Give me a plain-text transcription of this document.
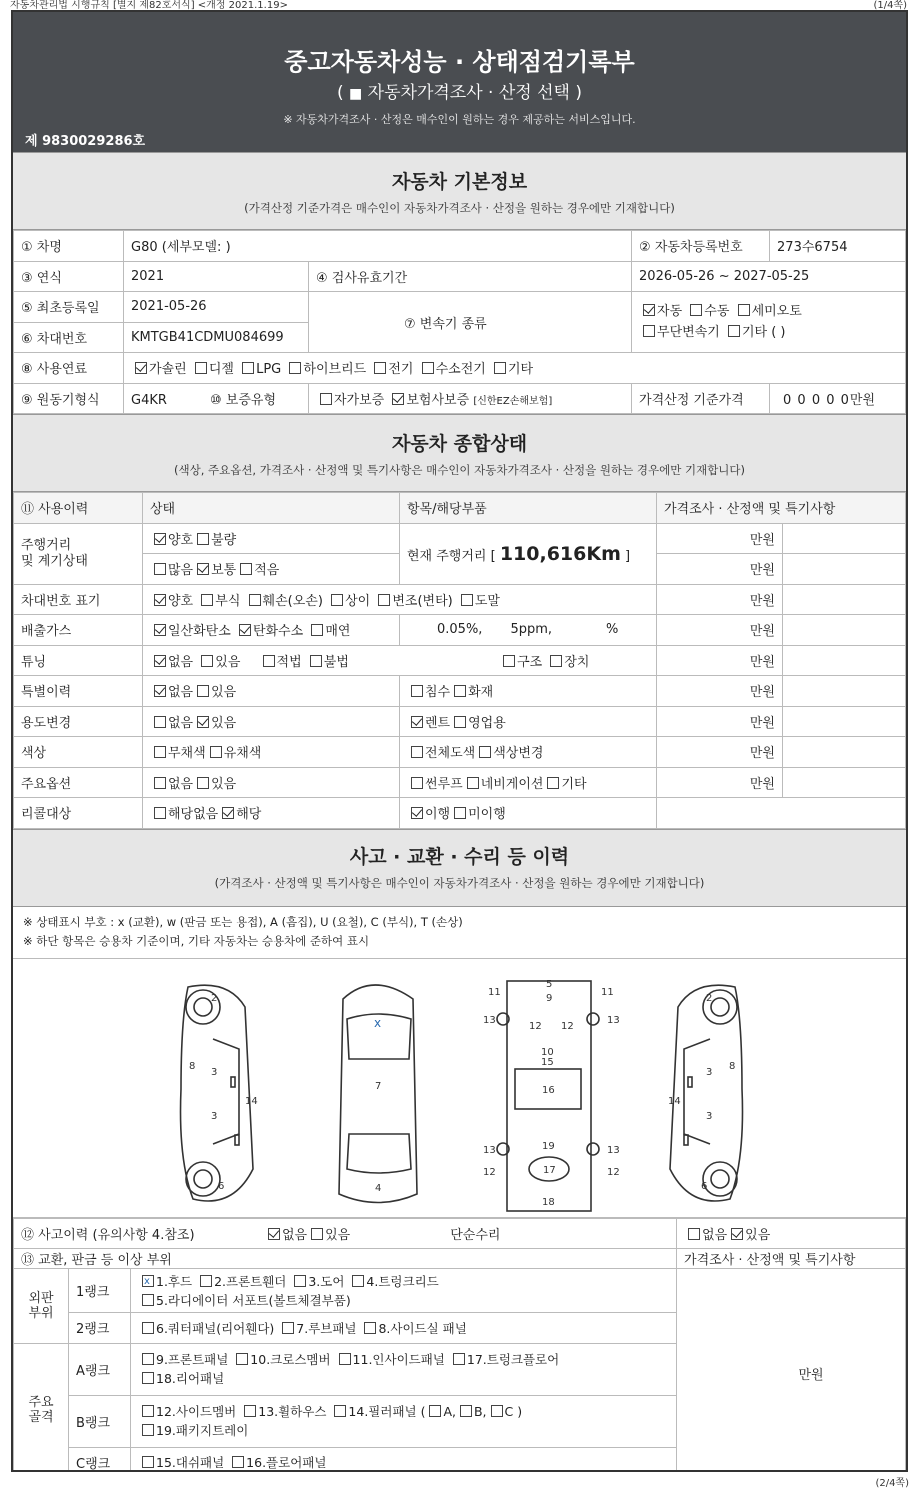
자동차관리법 시행규칙 [별지 제82호서식] <개정 2021.1.19>	(1/4쪽)
중고자동차성능 · 상태점검기록부
( ■ 자동차가격조사 · 산정 선택 )
※ 자동차가격조사 · 산정은 매수인이 원하는 경우 제공하는 서비스입니다.
제 9830029286호
자동차 기본정보
(가격산정 기준가격은 매수인이 자동차가격조사 · 산정을 원하는 경우에만 기재합니다)
① 차명	G80 (세부모델: )		② 자동차등록번호	273수6754
③ 연식	2021	④ 검사유효기간	2026-05-26 ~ 2027-05-25	
⑤ 최초등록일	2021-05-26	⑦ 변속기 종류	자동 수동 세미오토
무단변속기 기타 ( )	
⑥ 차대번호	KMTGB41CDMU084699			
⑧ 사용연료	가솔린 디젤 LPG 하이브리드 전기 수소전기 기타			
⑨ 원동기형식	G4KR ⑩ 보증유형	자가보증 보험사보증 [신한EZ손해보험]	가격산정 기준가격	0 0 0 0 0만원
자동차 종합상태
(색상, 주요옵션, 가격조사 · 산정액 및 특기사항은 매수인이 자동차가격조사 · 산정을 원하는 경우에만 기재합니다)
⑪ 사용이력	상태	항목/해당부품	가격조사 · 산정액 및 특기사항	
주행거리
및 계기상태	양호 불량	현재 주행거리 [ 110,616Km ]	만원	
	많음 보통 적음		만원	
차대번호 표기	양호 부식 훼손(오손) 상이 변조(변타) 도말		만원	
배출가스	일산화탄소 탄화수소 매연	0.05%, 5ppm, %	만원	
튜닝	없음 있음 적법 불법 구조 장치		만원	
특별이력	없음 있음	침수 화재	만원	
용도변경	없음 있음	렌트 영업용	만원	
색상	무채색 유채색	전체도색 색상변경	만원	
주요옵션	없음 있음	썬루프 네비게이션 기타	만원	
리콜대상	해당없음 해당	이행 미이행		
사고 · 교환 · 수리 등 이력
(가격조사 · 산정액 및 특기사항은 매수인이 자동차가격조사 · 산정을 원하는 경우에만 기재합니다)
※ 상태표시 부호 : x (교환), w (판금 또는 용접), A (흠집), U (요철), C (부식), T (손상)
※ 하단 항목은 승용차 기준이며, 기타 자동차는 승용차에 준하여 표시
2
3
3
8
14
6
7
4
x
5
9
11	11
13	13
12 12
10
15
16
19
17
18
13	13
12	12
2
3
3
8
14
6
⑫ 사고이력 (유의사항 4.참조) 없음 있음 단순수리			없음 있음
⑬ 교환, 판금 등 이상 부위			가격조사 · 산정액 및 특기사항
외판
부위	1랭크	x1.후드 2.프론트휀더 3.도어 4.트렁크리드
5.라디에이터 서포트(볼트체결부품)	만원
	2랭크	6.쿼터패널(리어휀다) 7.루브패널 8.사이드실 패널	
주요
골격	A랭크	9.프론트패널 10.크로스멤버 11.인사이드패널 17.트렁크플로어
18.리어패널	
	B랭크	12.사이드멤버 13.휠하우스 14.필러패널 ( A, B, C )
19.패키지트레이	
	C랭크	15.대쉬패널 16.플로어패널	
(2/4쪽)
